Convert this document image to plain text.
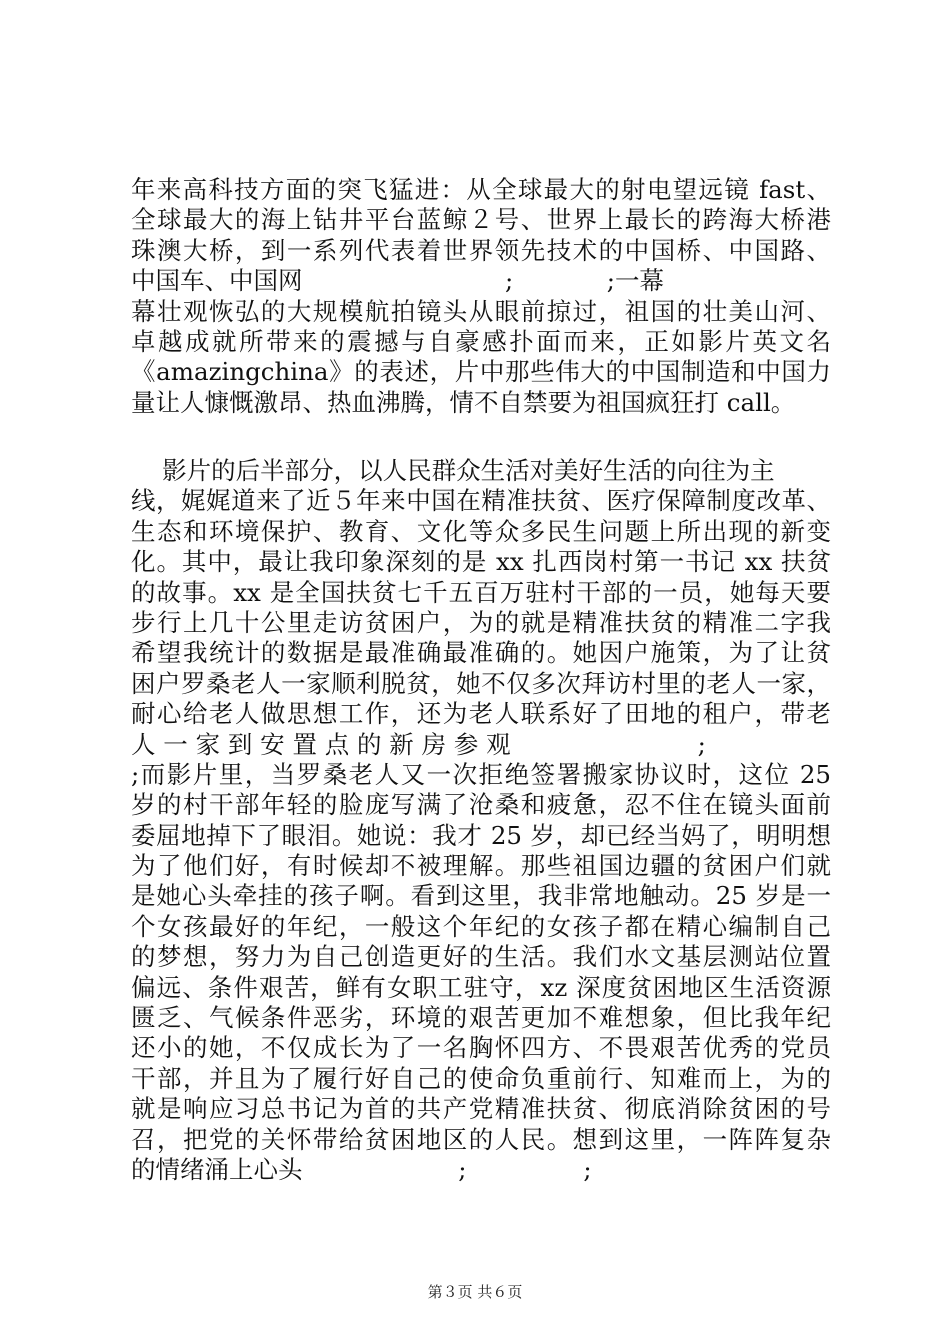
年来高科技方面的突飞猛进：从全球最大的射电望远镜 fast、
全球最大的海上钻井平台蓝鲸２号、世界上最长的跨海大桥港
珠澳大桥，到一系列代表着世界领先技术的中国桥、中国路、
中国车、中国网                          ;            ;一幕
幕壮观恢弘的大规模航拍镜头从眼前掠过，祖国的壮美山河、
卓越成就所带来的震撼与自豪感扑面而来，正如影片英文名
《amazingchina》的表述，片中那些伟大的中国制造和中国力
量让人慷慨激昂、热血沸腾，情不自禁要为祖国疯狂打 call。
影片的后半部分，以人民群众生活对美好生活的向往为主
线，娓娓道来了近５年来中国在精准扶贫、医疗保障制度改革、
生态和环境保护、教育、文化等众多民生问题上所出现的新变
化。其中，最让我印象深刻的是 xx 扎西岗村第一书记 xx 扶贫
的故事。xx 是全国扶贫七千五百万驻村干部的一员，她每天要
步行上几十公里走访贫困户，为的就是精准扶贫的精准二字我
希望我统计的数据是最准确最准确的。她因户施策，为了让贫
困户罗桑老人一家顺利脱贫，她不仅多次拜访村里的老人一家，
耐心给老人做思想工作，还为老人联系好了田地的租户，带老
人 一 家 到 安 置 点 的 新 房 参 观                        ;
;而影片里，当罗桑老人又一次拒绝签署搬家协议时，这位 25
岁的村干部年轻的脸庞写满了沧桑和疲惫，忍不住在镜头面前
委屈地掉下了眼泪。她说：我才 25 岁，却已经当妈了，明明想
为了他们好，有时候却不被理解。那些祖国边疆的贫困户们就
是她心头牵挂的孩子啊。看到这里，我非常地触动。25 岁是一
个女孩最好的年纪，一般这个年纪的女孩子都在精心编制自己
的梦想，努力为自己创造更好的生活。我们水文基层测站位置
偏远、条件艰苦，鲜有女职工驻守，xz 深度贫困地区生活资源
匮乏、气候条件恶劣，环境的艰苦更加不难想象，但比我年纪
还小的她，不仅成长为了一名胸怀四方、不畏艰苦优秀的党员
干部，并且为了履行好自己的使命负重前行、知难而上，为的
就是响应习总书记为首的共产党精准扶贫、彻底消除贫困的号
召，把党的关怀带给贫困地区的人民。想到这里，一阵阵复杂
的情绪涌上心头                    ;               ;
第３页 共６页
